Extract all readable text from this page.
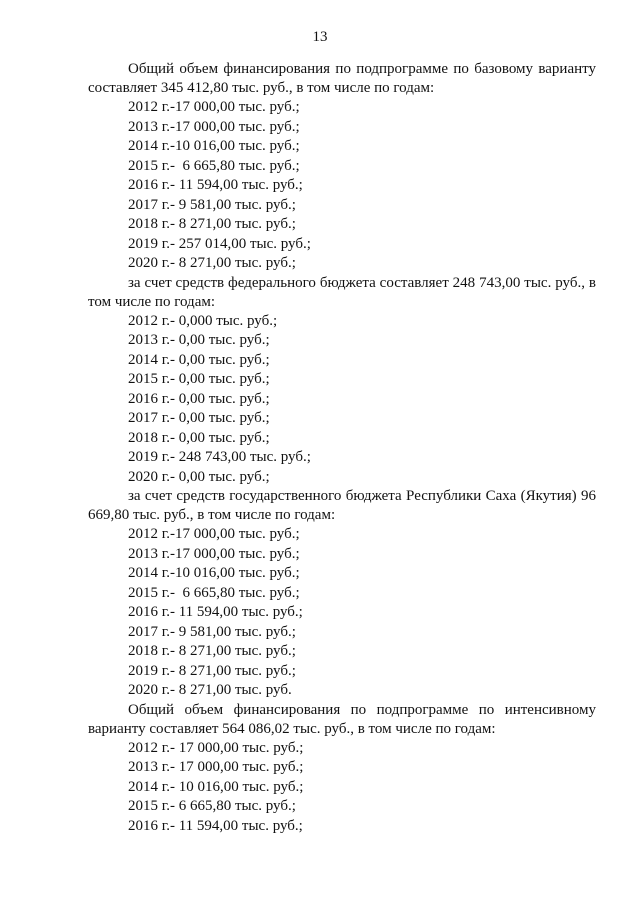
13

Общий объем финансирования по подпрограмме по базовому варианту составляет 345 412,80 тыс. руб., в том числе по годам:

2012 г.-17 000,00 тыс. руб.;

2013 г.-17 000,00 тыс. руб.;

2014 г.-10 016,00 тыс. руб.;

2015 г.-  6 665,80 тыс. руб.;

2016 г.- 11 594,00 тыс. руб.;

2017 г.- 9 581,00 тыс. руб.;

2018 г.- 8 271,00 тыс. руб.;

2019 г.- 257 014,00 тыс. руб.;

2020 г.- 8 271,00 тыс. руб.;

за счет средств федерального бюджета составляет 248 743,00 тыс. руб., в том числе по годам:

2012 г.- 0,000 тыс. руб.;

2013 г.- 0,00 тыс. руб.;

2014 г.- 0,00 тыс. руб.;

2015 г.- 0,00 тыс. руб.;

2016 г.- 0,00 тыс. руб.;

2017 г.- 0,00 тыс. руб.;

2018 г.- 0,00 тыс. руб.;

2019 г.- 248 743,00 тыс. руб.;

2020 г.- 0,00 тыс. руб.;

за счет средств государственного бюджета Республики Саха (Якутия) 96 669,80 тыс. руб., в том числе по годам:

2012 г.-17 000,00 тыс. руб.;

2013 г.-17 000,00 тыс. руб.;

2014 г.-10 016,00 тыс. руб.;

2015 г.-  6 665,80 тыс. руб.;

2016 г.- 11 594,00 тыс. руб.;

2017 г.- 9 581,00 тыс. руб.;

2018 г.- 8 271,00 тыс. руб.;

2019 г.- 8 271,00 тыс. руб.;

2020 г.- 8 271,00 тыс. руб.

Общий объем финансирования по подпрограмме по интенсивному варианту составляет 564 086,02 тыс. руб., в том числе по годам:

2012 г.- 17 000,00 тыс. руб.;

2013 г.- 17 000,00 тыс. руб.;

2014 г.- 10 016,00 тыс. руб.;

2015 г.- 6 665,80 тыс. руб.;

2016 г.- 11 594,00 тыс. руб.;
